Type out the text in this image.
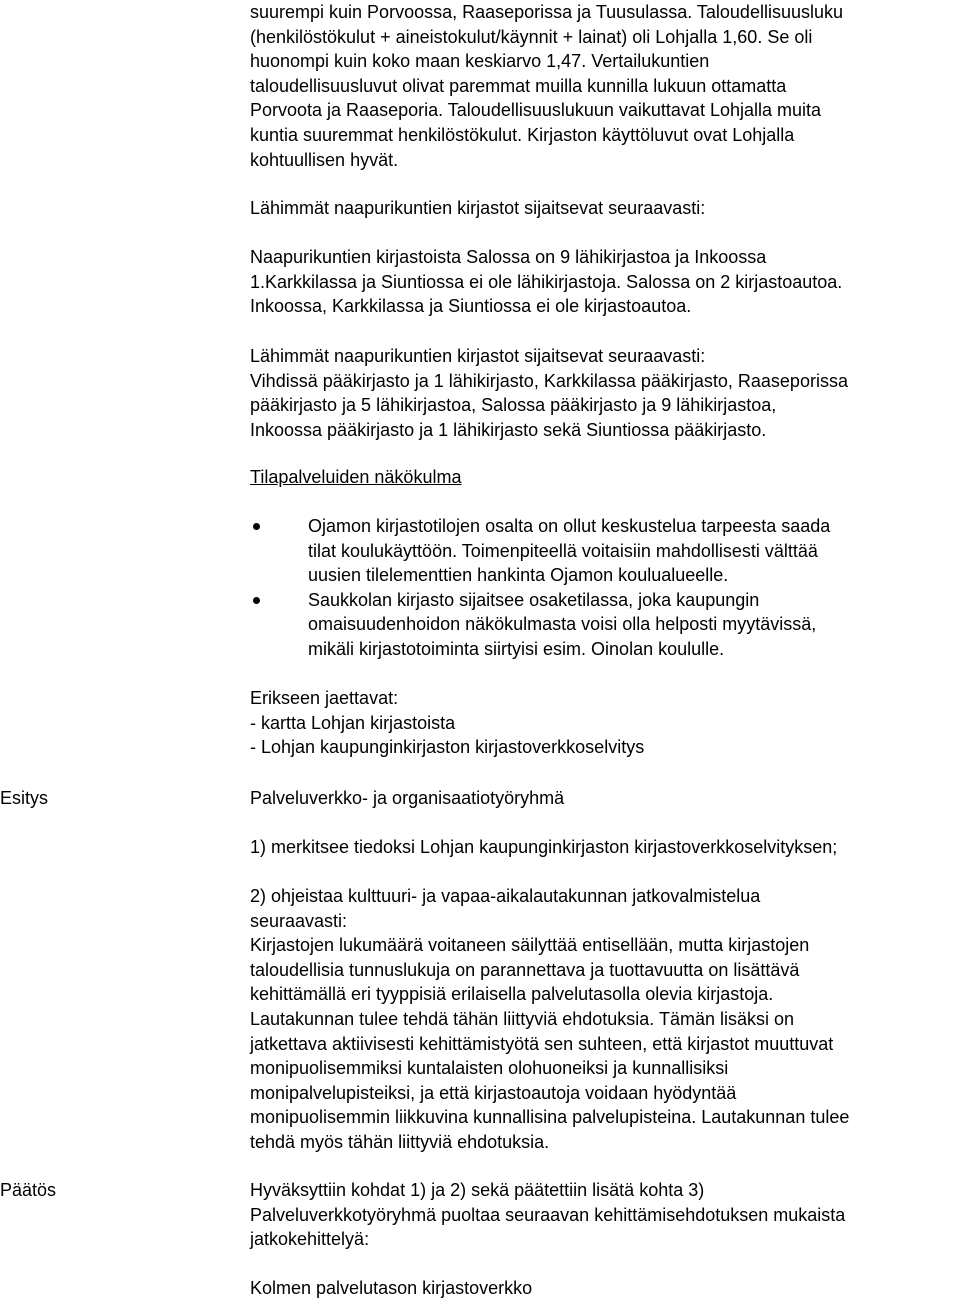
suurempi kuin Porvoossa, Raaseporissa ja Tuusulassa. Taloudellisuusluku
(henkilöstökulut + aineistokulut/käynnit + lainat) oli Lohjalla 1,60. Se oli
huonompi kuin koko maan keskiarvo 1,47. Vertailukuntien
taloudellisuusluvut olivat paremmat muilla kunnilla lukuun ottamatta
Porvoota ja Raaseporia. Taloudellisuuslukuun vaikuttavat Lohjalla muita
kuntia suuremmat henkilöstökulut. Kirjaston käyttöluvut ovat Lohjalla
kohtuullisen hyvät.
Lähimmät naapurikuntien kirjastot sijaitsevat seuraavasti:
Naapurikuntien kirjastoista Salossa on 9 lähikirjastoa ja Inkoossa
1.Karkkilassa ja Siuntiossa ei ole lähikirjastoja. Salossa on 2 kirjastoautoa.
Inkoossa, Karkkilassa ja Siuntiossa ei ole kirjastoautoa.
Lähimmät naapurikuntien kirjastot sijaitsevat seuraavasti:
Vihdissä pääkirjasto ja 1 lähikirjasto, Karkkilassa pääkirjasto, Raaseporissa
pääkirjasto ja 5 lähikirjastoa, Salossa pääkirjasto ja 9 lähikirjastoa,
Inkoossa pääkirjasto ja 1 lähikirjasto sekä Siuntiossa pääkirjasto.
Tilapalveluiden näkökulma
Ojamon kirjastotilojen osalta on ollut keskustelua tarpeesta saada
tilat koulukäyttöön. Toimenpiteellä voitaisiin mahdollisesti välttää
uusien tilelementtien hankinta Ojamon koulualueelle.
Saukkolan kirjasto sijaitsee osaketilassa, joka kaupungin
omaisuudenhoidon näkökulmasta voisi olla helposti myytävissä,
mikäli kirjastotoiminta siirtyisi esim. Oinolan koululle.
Erikseen jaettavat:
- kartta Lohjan kirjastoista
- Lohjan kaupunginkirjaston kirjastoverkkoselvitys
Esitys	Palveluverkko- ja organisaatiotyöryhmä
1) merkitsee tiedoksi Lohjan kaupunginkirjaston kirjastoverkkoselvityksen;
2) ohjeistaa kulttuuri- ja vapaa-aikalautakunnan jatkovalmistelua
seuraavasti:
Kirjastojen lukumäärä voitaneen säilyttää entisellään, mutta kirjastojen
taloudellisia tunnuslukuja on parannettava ja tuottavuutta on lisättävä
kehittämällä eri tyyppisiä erilaisella palvelutasolla olevia kirjastoja.
Lautakunnan tulee tehdä tähän liittyviä ehdotuksia. Tämän lisäksi on
jatkettava aktiivisesti kehittämistyötä sen suhteen, että kirjastot muuttuvat
monipuolisemmiksi kuntalaisten olohuoneiksi ja kunnallisiksi
monipalvelupisteiksi, ja että kirjastoautoja voidaan hyödyntää
monipuolisemmin liikkuvina kunnallisina palvelupisteina. Lautakunnan tulee
tehdä myös tähän liittyviä ehdotuksia.
Päätös	Hyväksyttiin kohdat 1) ja 2) sekä päätettiin lisätä kohta 3)
Palveluverkkotyöryhmä puoltaa seuraavan kehittämisehdotuksen mukaista
jatkokehittelyä:
Kolmen palvelutason kirjastoverkko
